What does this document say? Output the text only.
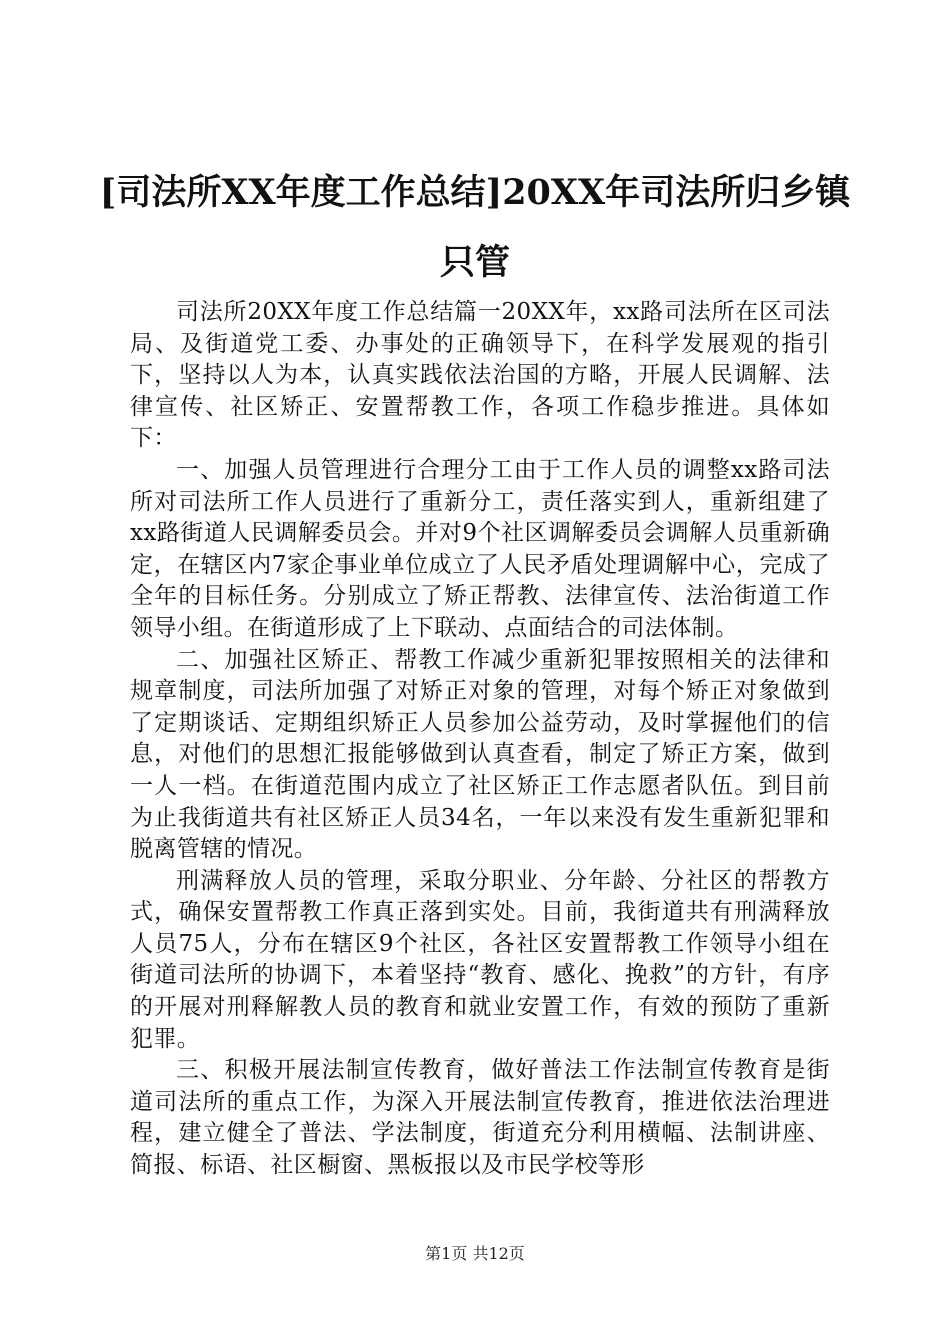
[司法所XX年度工作总结]20XX年司法所归乡镇只管

司法所20XX年度工作总结篇一20XX年，xx路司法所在区司法局、及街道党工委、办事处的正确领导下，在科学发展观的指引下，坚持以人为本，认真实践依法治国的方略，开展人民调解、法律宣传、社区矫正、安置帮教工作，各项工作稳步推进。具体如下：

一、加强人员管理进行合理分工由于工作人员的调整xx路司法所对司法所工作人员进行了重新分工，责任落实到人，重新组建了xx路街道人民调解委员会。并对9个社区调解委员会调解人员重新确定，在辖区内7家企事业单位成立了人民矛盾处理调解中心，完成了全年的目标任务。分别成立了矫正帮教、法律宣传、法治街道工作领导小组。在街道形成了上下联动、点面结合的司法体制。

二、加强社区矫正、帮教工作减少重新犯罪按照相关的法律和规章制度，司法所加强了对矫正对象的管理，对每个矫正对象做到了定期谈话、定期组织矫正人员参加公益劳动，及时掌握他们的信息，对他们的思想汇报能够做到认真查看，制定了矫正方案，做到一人一档。在街道范围内成立了社区矫正工作志愿者队伍。到目前为止我街道共有社区矫正人员34名，一年以来没有发生重新犯罪和脱离管辖的情况。

刑满释放人员的管理，采取分职业、分年龄、分社区的帮教方式，确保安置帮教工作真正落到实处。目前，我街道共有刑满释放人员75人，分布在辖区9个社区，各社区安置帮教工作领导小组在街道司法所的协调下，本着坚持“教育、感化、挽救”的方针，有序的开展对刑释解教人员的教育和就业安置工作，有效的预防了重新犯罪。

三、积极开展法制宣传教育，做好普法工作法制宣传教育是街道司法所的重点工作，为深入开展法制宣传教育，推进依法治理进程，建立健全了普法、学法制度，街道充分利用横幅、法制讲座、简报、标语、社区橱窗、黑板报以及市民学校等形

第1页 共12页
